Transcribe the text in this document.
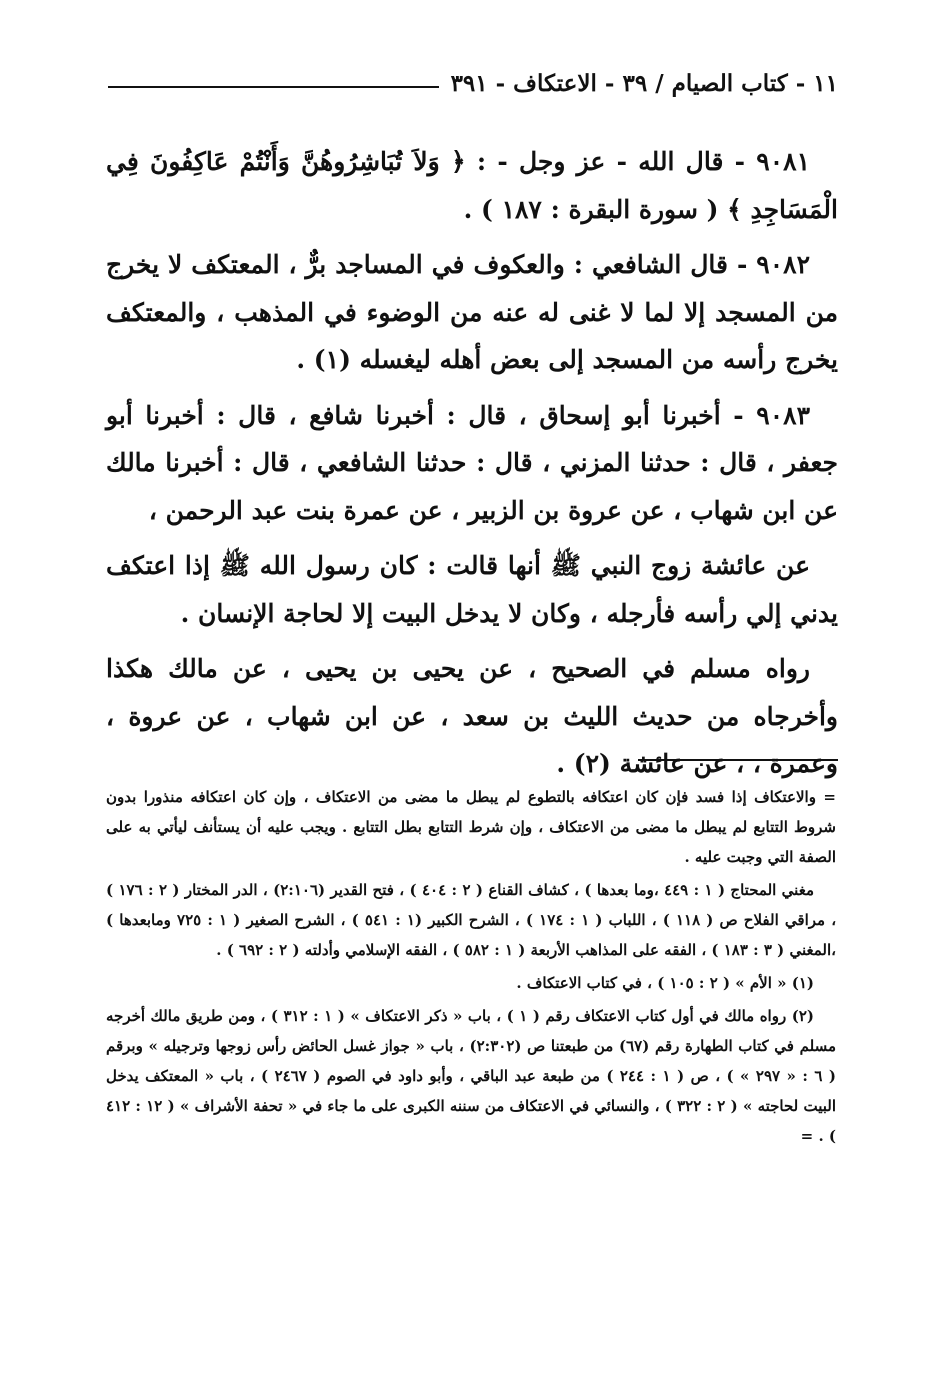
١١ - كتاب الصيام / ٣٩ - الاعتكاف - ٣٩١

٩٠٨١ - قال الله - عز وجل - : ﴿ وَلاَ تُبَاشِرُوهُنَّ وَأَنْتُمْ عَاكِفُونَ فِي الْمَسَاجِدِ ﴾ ( سورة البقرة : ١٨٧ ) .

٩٠٨٢ - قال الشافعي : والعكوف في المساجد برٌّ ، المعتكف لا يخرج من المسجد إلا لما لا غنى له عنه من الوضوء في المذهب ، والمعتكف يخرج رأسه من المسجد إلى بعض أهله ليغسله (١) .

٩٠٨٣ - أخبرنا أبو إسحاق ، قال : أخبرنا شافع ، قال : أخبرنا أبو جعفر ، قال : حدثنا المزني ، قال : حدثنا الشافعي ، قال : أخبرنا مالك عن ابن شهاب ، عن عروة بن الزبير ، عن عمرة بنت عبد الرحمن ،

عن عائشة زوج النبي ﷺ أنها قالت : كان رسول الله ﷺ إذا اعتكف يدني إلي رأسه فأرجله ، وكان لا يدخل البيت إلا لحاجة الإنسان .

رواه مسلم في الصحيح ، عن يحيى بن يحيى ، عن مالك هكذا وأخرجاه من حديث الليث بن سعد ، عن ابن شهاب ، عن عروة ، وعمرة ، ، عن عائشة (٢) .

= والاعتكاف إذا فسد فإن كان اعتكافه بالتطوع لم يبطل ما مضى من الاعتكاف ، وإن كان اعتكافه منذورا بدون شروط التتابع لم يبطل ما مضى من الاعتكاف ، وإن شرط التتابع بطل التتابع . ويجب عليه أن يستأنف ليأتي به على الصفة التي وجبت عليه .

مغني المحتاج ( ١ : ٤٤٩ ،وما بعدها ) ، كشاف القناع ( ٢ : ٤٠٤ ) ، فتح القدير (٢:١٠٦) ، الدر المختار ( ٢ : ١٧٦ ) ، مراقي الفلاح ص ( ١١٨ ) ، اللباب ( ١ : ١٧٤ ) ، الشرح الكبير (١ : ٥٤١ ) ، الشرح الصغير ( ١ : ٧٢٥ ومابعدها ) ،المغني ( ٣ : ١٨٣ ) ، الفقه على المذاهب الأربعة ( ١ : ٥٨٢ ) ، الفقه الإسلامي وأدلته ( ٢ : ٦٩٢ ) .

(١) « الأم » ( ٢ : ١٠٥ ) ، في كتاب الاعتكاف .

(٢) رواه مالك في أول كتاب الاعتكاف رقم ( ١ ) ، باب « ذكر الاعتكاف » ( ١ : ٣١٢ ) ، ومن طريق مالك أخرجه مسلم في كتاب الطهارة رقم (٦٧) من طبعتنا ص (٢:٣٠٢) ، باب « جواز غسل الحائض رأس زوجها وترجيله » وبرقم ( ٦ : « ٢٩٧ » ) ، ص ( ١ : ٢٤٤ ) من طبعة عبد الباقي ، وأبو داود في الصوم ( ٢٤٦٧ ) ، باب « المعتكف يدخل البيت لحاجته » ( ٢ : ٣٢٢ ) ، والنسائي في الاعتكاف من سننه الكبرى على ما جاء في « تحفة الأشراف » ( ١٢ : ٤١٢ ) . =
